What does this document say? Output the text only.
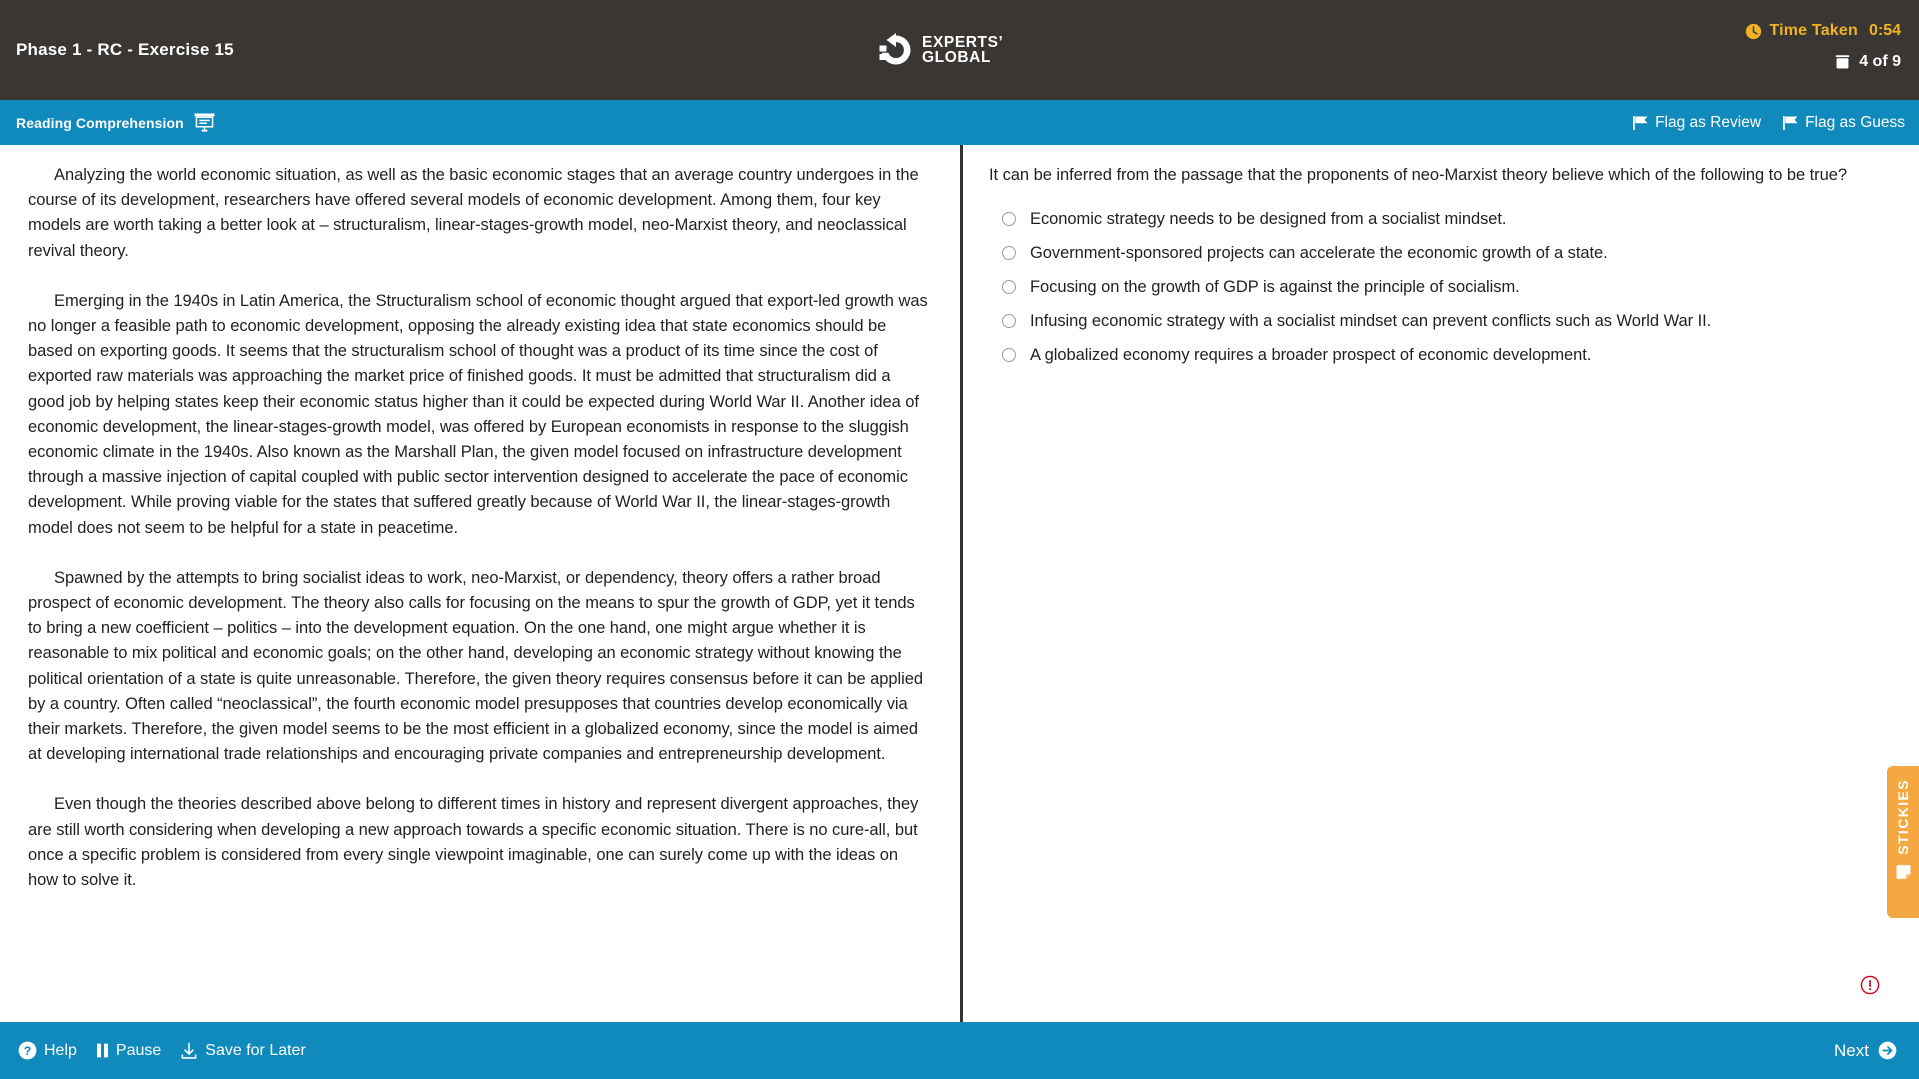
Phase 1 - RC - Exercise 15	EXPERTS’
GLOBAL
Time Taken 0:54
4 of 9
Reading Comprehension	Flag as Review	Flag as Guess

Analyzing the world economic situation, as well as the basic economic stages that an average country undergoes in the course of its development, researchers have offered several models of economic development. Among them, four key models are worth taking a better look at – structuralism, linear-stages-growth model, neo-Marxist theory, and neoclassical revival theory.

Emerging in the 1940s in Latin America, the Structuralism school of economic thought argued that export-led growth was no longer a feasible path to economic development, opposing the already existing idea that state economics should be based on exporting goods. It seems that the structuralism school of thought was a product of its time since the cost of exported raw materials was approaching the market price of finished goods. It must be admitted that structuralism did a good job by helping states keep their economic status higher than it could be expected during World War II. Another idea of economic development, the linear-stages-growth model, was offered by European economists in response to the sluggish economic climate in the 1940s. Also known as the Marshall Plan, the given model focused on infrastructure development through a massive injection of capital coupled with public sector intervention designed to accelerate the pace of economic development. While proving viable for the states that suffered greatly because of World War II, the linear-stages-growth model does not seem to be helpful for a state in peacetime.

Spawned by the attempts to bring socialist ideas to work, neo-Marxist, or dependency, theory offers a rather broad prospect of economic development. The theory also calls for focusing on the means to spur the growth of GDP, yet it tends to bring a new coefficient – politics – into the development equation. On the one hand, one might argue whether it is reasonable to mix political and economic goals; on the other hand, developing an economic strategy without knowing the political orientation of a state is quite unreasonable. Therefore, the given theory requires consensus before it can be applied by a country. Often called “neoclassical”, the fourth economic model presupposes that countries develop economically via their markets. Therefore, the given model seems to be the most efficient in a globalized economy, since the model is aimed at developing international trade relationships and encouraging private companies and entrepreneurship development.

Even though the theories described above belong to different times in history and represent divergent approaches, they are still worth considering when developing a new approach towards a specific economic situation. There is no cure-all, but once a specific problem is considered from every single viewpoint imaginable, one can surely come up with the ideas on how to solve it.

It can be inferred from the passage that the proponents of neo-Marxist theory believe which of the following to be true?
Economic strategy needs to be designed from a socialist mindset.
Government-sponsored projects can accelerate the economic growth of a state.
Focusing on the growth of GDP is against the principle of socialism.
Infusing economic strategy with a socialist mindset can prevent conflicts such as World War II.
A globalized economy requires a broader prospect of economic development.
STICKIES
? Help Pause	Save for Later	Next
